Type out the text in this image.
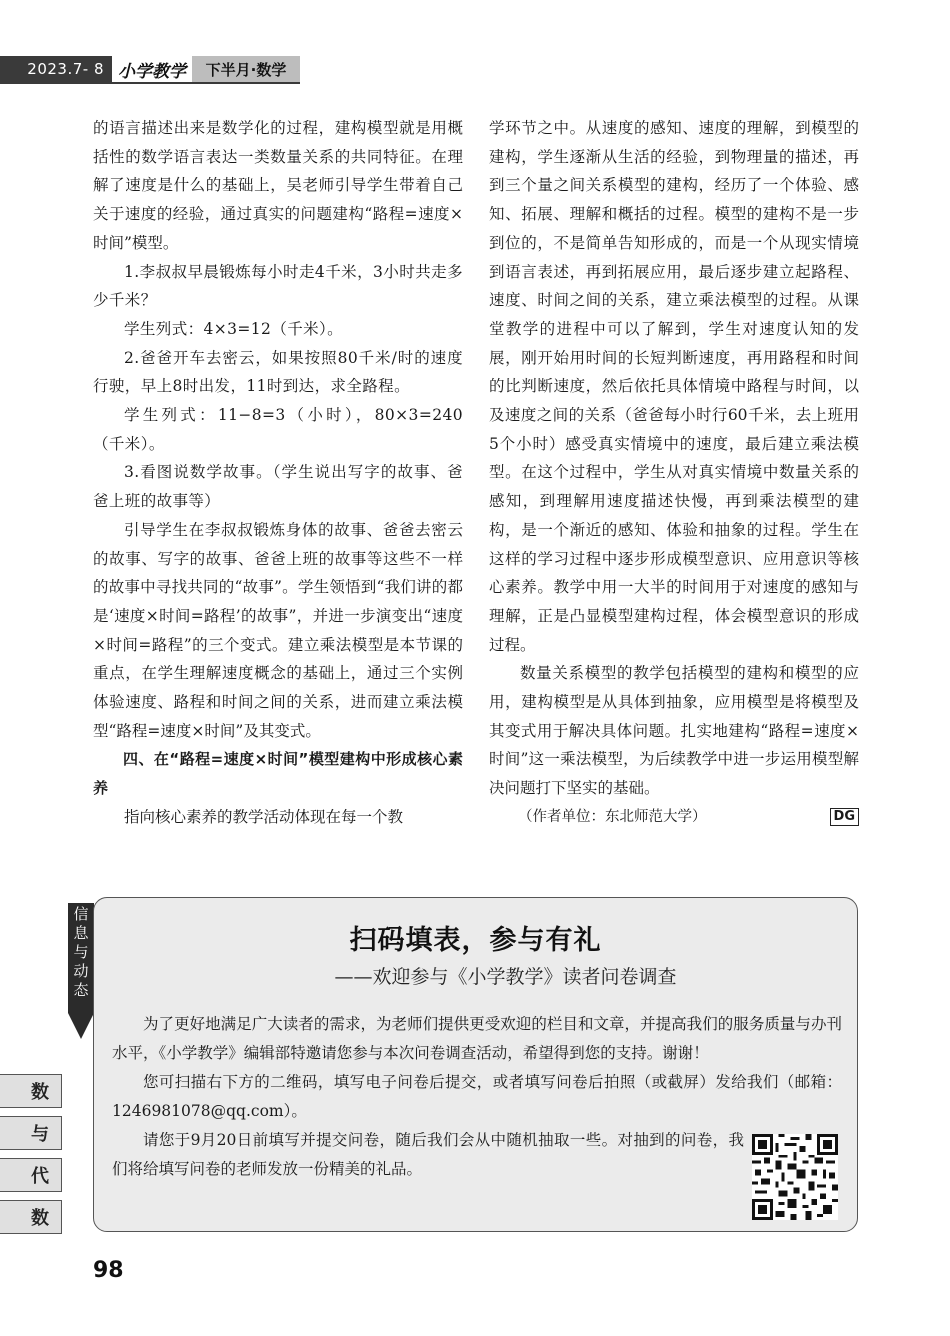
2023.7- 8 小学教学	下半月·数学

的语言描述出来是数学化的过程，建构模型就是用概括性的数学语言表达一类数量关系的共同特征。在理解了速度是什么的基础上，吴老师引导学生带着自己关于速度的经验，通过真实的问题建构“路程=速度×时间”模型。

1.李叔叔早晨锻炼每小时走4千米，3小时共走多少千米？

学生列式：4×3=12（千米）。

2.爸爸开车去密云，如果按照80千米/时的速度行驶，早上8时出发，11时到达，求全路程。

学生列式：11−8=3（小时），80×3=240（千米）。

3.看图说数学故事。（学生说出写字的故事、爸爸上班的故事等）

引导学生在李叔叔锻炼身体的故事、爸爸去密云的故事、写字的故事、爸爸上班的故事等这些不一样的故事中寻找共同的“故事”。学生领悟到“我们讲的都是‘速度×时间=路程’的故事”，并进一步演变出“速度×时间=路程”的三个变式。建立乘法模型是本节课的重点，在学生理解速度概念的基础上，通过三个实例体验速度、路程和时间之间的关系，进而建立乘法模型“路程=速度×时间”及其变式。

四、在“路程=速度×时间”模型建构中形成核心素养

指向核心素养的教学活动体现在每一个教

学环节之中。从速度的感知、速度的理解，到模型的建构，学生逐渐从生活的经验，到物理量的描述，再到三个量之间关系模型的建构，经历了一个体验、感知、拓展、理解和概括的过程。模型的建构不是一步到位的，不是简单告知形成的，而是一个从现实情境到语言表述，再到拓展应用，最后逐步建立起路程、速度、时间之间的关系，建立乘法模型的过程。从课堂教学的进程中可以了解到，学生对速度认知的发展，刚开始用时间的长短判断速度，再用路程和时间的比判断速度，然后依托具体情境中路程与时间，以及速度之间的关系（爸爸每小时行60千米，去上班用5个小时）感受真实情境中的速度，最后建立乘法模型。在这个过程中，学生从对真实情境中数量关系的感知，到理解用速度描述快慢，再到乘法模型的建构，是一个渐近的感知、体验和抽象的过程。学生在这样的学习过程中逐步形成模型意识、应用意识等核心素养。教学中用一大半的时间用于对速度的感知与理解，正是凸显模型建构过程，体会模型意识的形成过程。

数量关系模型的教学包括模型的建构和模型的应用，建构模型是从具体到抽象，应用模型是将模型及其变式用于解决具体问题。扎实地建构“路程=速度×时间”这一乘法模型，为后续教学中进一步运用模型解决问题打下坚实的基础。

（作者单位：东北师范大学）	DG
信息与动态
扫码填表，参与有礼
——欢迎参与《小学教学》读者问卷调查

为了更好地满足广大读者的需求，为老师们提供更受欢迎的栏目和文章，并提高我们的服务质量与办刊水平，《小学教学》编辑部特邀请您参与本次问卷调查活动，希望得到您的支持。谢谢！

您可扫描右下方的二维码，填写电子问卷后提交，或者填写问卷后拍照（或截屏）发给我们（邮箱：1246981078@qq.com）。

请您于9月20日前填写并提交问卷，随后我们会从中随机抽取一些。对抽到的问卷，我们将给填写问卷的老师发放一份精美的礼品。

数
与
代
数
98
